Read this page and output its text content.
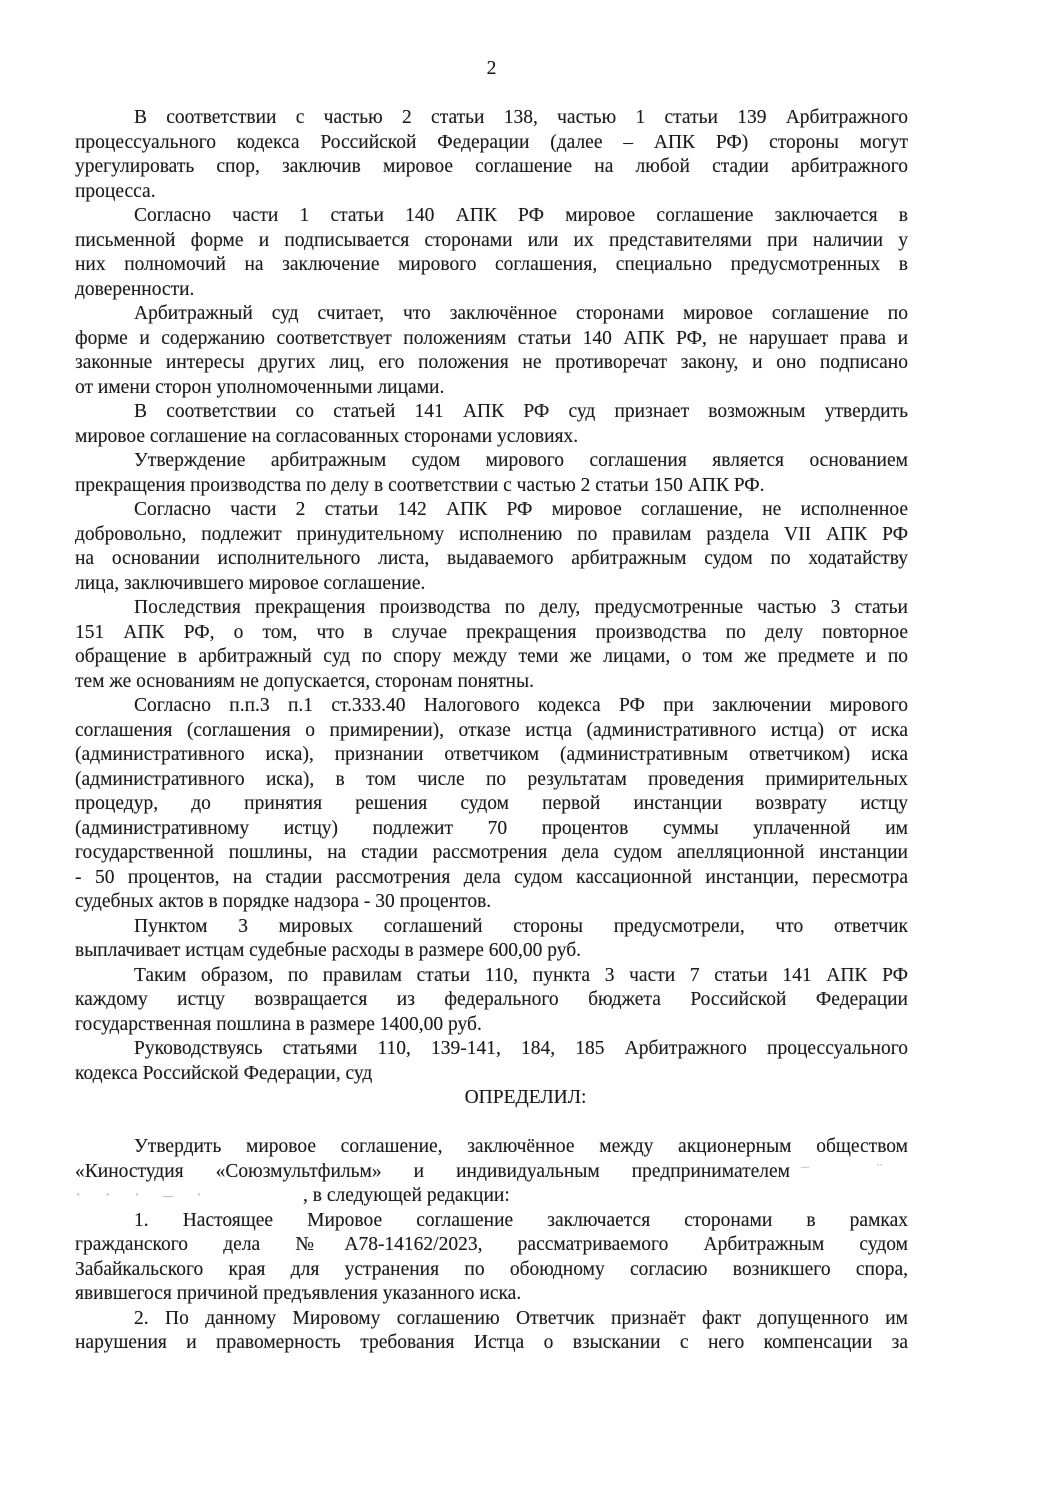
2
В соответствии с частью 2 статьи 138, частью 1 статьи 139 Арбитражного
процессуального кодекса Российской Федерации (далее – АПК РФ) стороны могут
урегулировать спор, заключив мировое соглашение на любой стадии арбитражного
процесса.
Согласно части 1 статьи 140 АПК РФ мировое соглашение заключается в
письменной форме и подписывается сторонами или их представителями при наличии у
них полномочий на заключение мирового соглашения, специально предусмотренных в
доверенности.
Арбитражный суд считает, что заключённое сторонами мировое соглашение по
форме и содержанию соответствует положениям статьи 140 АПК РФ, не нарушает права и
законные интересы других лиц, его положения не противоречат закону, и оно подписано
от имени сторон уполномоченными лицами.
В соответствии со статьей 141 АПК РФ суд признает возможным утвердить
мировое соглашение на согласованных сторонами условиях.
Утверждение арбитражным судом мирового соглашения является основанием
прекращения производства по делу в соответствии с частью 2 статьи 150 АПК РФ.
Согласно части 2 статьи 142 АПК РФ мировое соглашение, не исполненное
добровольно, подлежит принудительному исполнению по правилам раздела VII АПК РФ
на основании исполнительного листа, выдаваемого арбитражным судом по ходатайству
лица, заключившего мировое соглашение.
Последствия прекращения производства по делу, предусмотренные частью 3 статьи
151 АПК РФ, о том, что в случае прекращения производства по делу повторное
обращение в арбитражный суд по спору между теми же лицами, о том же предмете и по
тем же основаниям не допускается, сторонам понятны.
Согласно п.п.3 п.1 ст.333.40 Налогового кодекса РФ при заключении мирового
соглашения (соглашения о примирении), отказе истца (административного истца) от иска
(административного иска), признании ответчиком (административным ответчиком) иска
(административного иска), в том числе по результатам проведения примирительных
процедур, до принятия решения судом первой инстанции возврату истцу
(административному истцу) подлежит 70 процентов суммы уплаченной им
государственной пошлины, на стадии рассмотрения дела судом апелляционной инстанции
- 50 процентов, на стадии рассмотрения дела судом кассационной инстанции, пересмотра
судебных актов в порядке надзора - 30 процентов.
Пунктом 3 мировых соглашений стороны предусмотрели, что ответчик
выплачивает истцам судебные расходы в размере 600,00 руб.
Таким образом, по правилам статьи 110, пункта 3 части 7 статьи 141 АПК РФ
каждому истцу возвращается из федерального бюджета Российской Федерации
государственная пошлина в размере 1400,00 руб.
Руководствуясь статьями 110, 139-141, 184, 185 Арбитражного процессуального
кодекса Российской Федерации, суд
ОПРЕДЕЛИЛ:
Утвердить мировое соглашение, заключённое между акционерным обществом
«Киностудия «Союзмультфильм» и индивидуальным предпринимателем ¯	¨
· · · – ·	, в следующей редакции:
1. Настоящее Мировое соглашение заключается сторонами в рамках
гражданского дела №А78-14162/2023, рассматриваемого Арбитражным судом
Забайкальского края для устранения по обоюдному согласию возникшего спора,
явившегося причиной предъявления указанного иска.
2. По данному Мировому соглашению Ответчик признаёт факт допущенного им
нарушения и правомерность требования Истца о взыскании с него компенсации за
